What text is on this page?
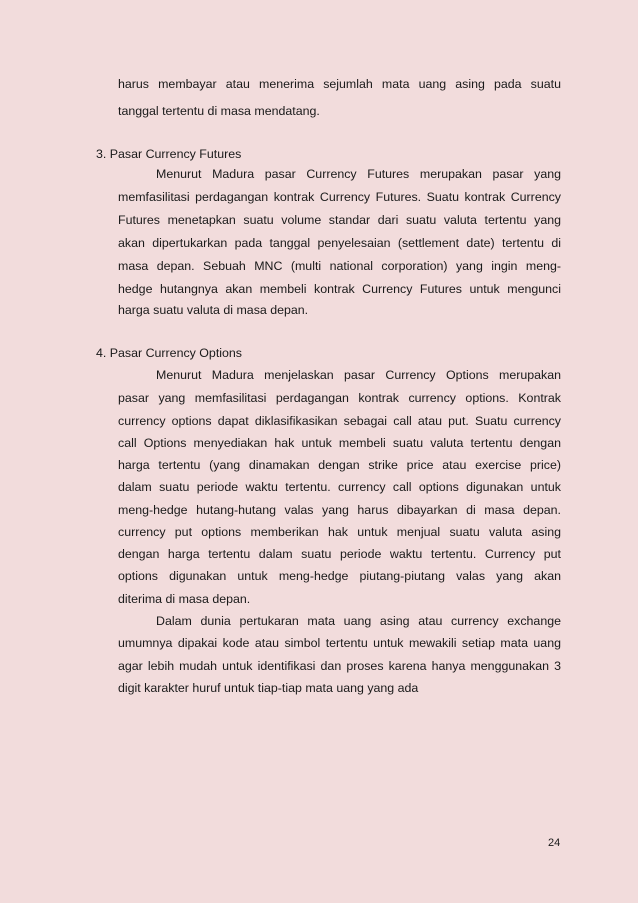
harus membayar atau menerima sejumlah mata uang asing pada suatu

tanggal tertentu di masa mendatang.

3. Pasar Currency Futures

Menurut Madura pasar Currency Futures merupakan pasar yang

memfasilitasi perdagangan kontrak Currency Futures. Suatu kontrak Currency

Futures menetapkan suatu volume standar dari suatu valuta tertentu yang

akan dipertukarkan pada tanggal penyelesaian (settlement date) tertentu di

masa depan. Sebuah MNC (multi national corporation) yang ingin meng-

hedge hutangnya akan membeli kontrak Currency Futures untuk mengunci

harga suatu valuta di masa depan.

4. Pasar Currency Options

Menurut Madura menjelaskan pasar Currency Options merupakan

pasar yang memfasilitasi perdagangan kontrak currency options. Kontrak

currency options dapat diklasifikasikan sebagai call atau put. Suatu currency

call Options menyediakan hak untuk membeli suatu valuta tertentu dengan

harga tertentu (yang dinamakan dengan strike price atau exercise price)

dalam suatu periode waktu tertentu. currency call options digunakan untuk

meng-hedge hutang-hutang valas yang harus dibayarkan di masa depan.

currency put options memberikan hak untuk menjual suatu valuta asing

dengan harga tertentu dalam suatu periode waktu tertentu. Currency put

options digunakan untuk meng-hedge piutang-piutang valas yang akan

diterima di masa depan.

Dalam dunia pertukaran mata uang asing atau currency exchange

umumnya dipakai kode atau simbol tertentu untuk mewakili setiap mata uang

agar lebih mudah untuk identifikasi dan proses karena hanya menggunakan 3

digit karakter huruf untuk tiap-tiap mata uang yang ada

24
